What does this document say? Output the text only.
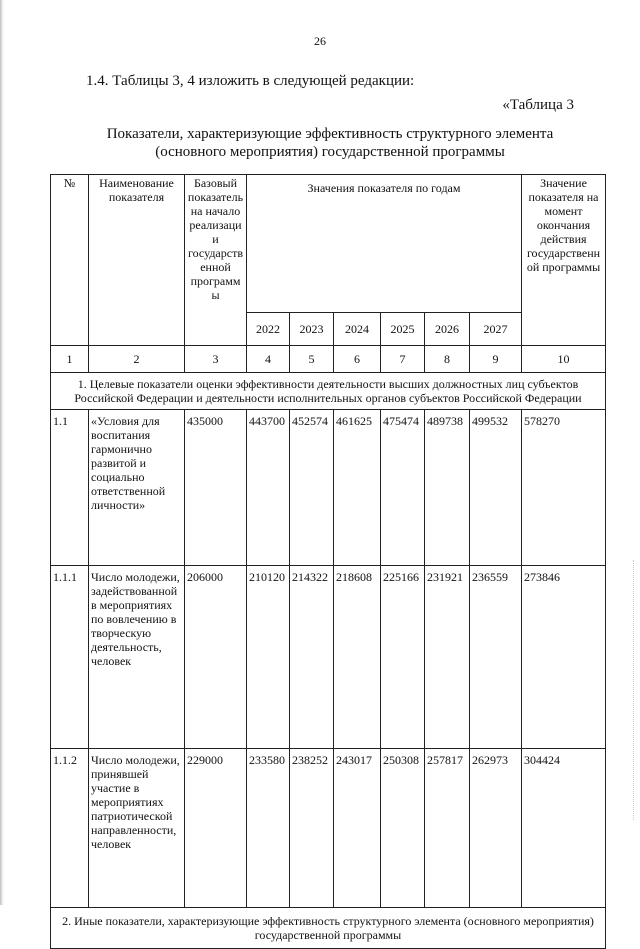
26
1.4. Таблицы 3, 4 изложить в следующей редакции:
«Таблица 3
Показатели, характеризующие эффективность структурного элемента (основного мероприятия) государственной программы
№	Наименование показателя	Базовый показатель на начало реализации государственной программы	Значения показателя по годам						Значение показателя на момент окончания действия государственной программы
			2022	2023	2024	2025	2026	2027	
1	2	3	4	5	6	7	8	9	10
1. Целевые показатели оценки эффективности деятельности высших должностных лиц субъектов Российской Федерации и деятельности исполнительных органов субъектов Российской Федерации									
1.1	«Условия для воспитания гармонично развитой и социально ответственной личности»	435000	443700	452574	461625	475474	489738	499532	578270
1.1.1	Число молодежи, задействованной в мероприятиях по вовлечению в творческую деятельность, человек	206000	210120	214322	218608	225166	231921	236559	273846
1.1.2	Число молодежи, принявшей участие в мероприятиях патриотической направленности, человек	229000	233580	238252	243017	250308	257817	262973	304424
2. Иные показатели, характеризующие эффективность структурного элемента (основного мероприятия) государственной программы									
